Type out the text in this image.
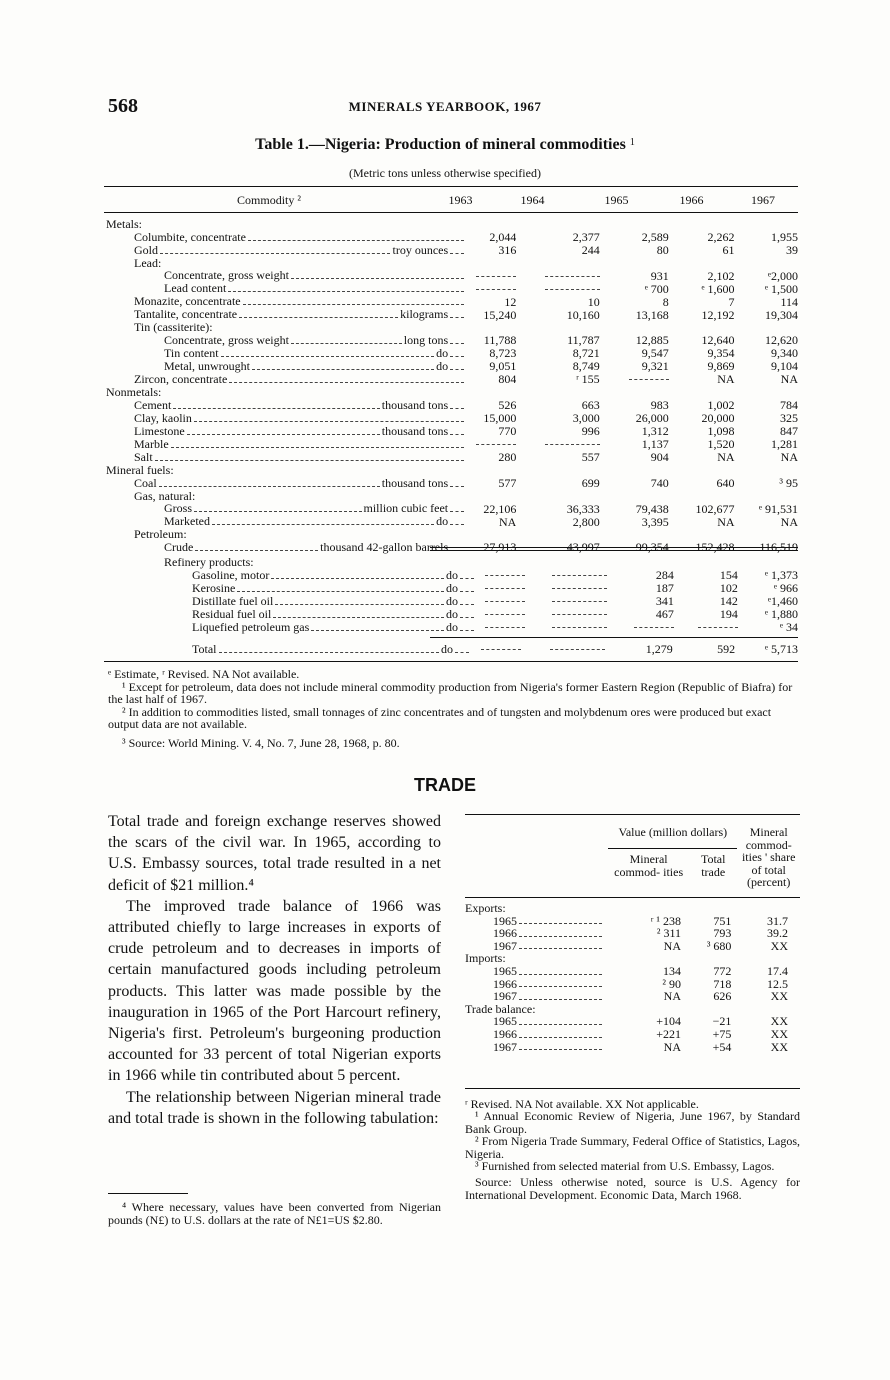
568	MINERALS YEARBOOK, 1967
Table 1.—Nigeria: Production of mineral commodities $^1$
(Metric tons unless otherwise specified)
Commodity ²	1963	1964	1965	1966	1967
Metals:					

Columbite, concentrate	2,044	2,377	2,589	2,262	1,955

Gold troy ounces	316	244	80	61	39

Lead:					

Concentrate, gross weight			931	2,102	ᵉ2,000

Lead content			ᵉ 700	ᵉ 1,600	ᵉ 1,500

Monazite, concentrate	12	10	8	7	114

Tantalite, concentrate kilograms	15,240	10,160	13,168	12,192	19,304

Tin (cassiterite):					

Concentrate, gross weight long tons	11,788	11,787	12,885	12,640	12,620

Tin content do	8,723	8,721	9,547	9,354	9,340

Metal, unwrought do	9,051	8,749	9,321	9,869	9,104

Zircon, concentrate	804	ʳ 155		NA	NA

Nonmetals:					

Cement thousand tons	526	663	983	1,002	784

Clay, kaolin	15,000	3,000	26,000	20,000	325

Limestone thousand tons	770	996	1,312	1,098	847

Marble			1,137	1,520	1,281

Salt	280	557	904	NA	NA

Mineral fuels:					

Coal thousand tons	577	699	740	640	³ 95

Gas, natural:					

Gross million cubic feet	22,106	36,333	79,438	102,677	ᵉ 91,531

Marketed do	NA	2,800	3,395	NA	NA

Petroleum:					

Crude thousand 42-gallon barrels	27,913	43,997	99,354	152,428	116,519
Refinery products:					

Gasoline, motor do			284	154	ᵉ 1,373

Kerosine do			187	102	ᵉ 966

Distillate fuel oil do			341	142	ᵉ1,460

Residual fuel oil do			467	194	ᵉ 1,880

Liquefied petroleum gas do					ᵉ 34
Total	do			1,279	592	ᵉ 5,713

ᵉ Estimate, ʳ Revised. NA Not available.

¹ Except for petroleum, data does not include mineral commodity production from Nigeria's former Eastern Region (Republic of Biafra) for the last half of 1967.

² In addition to commodities listed, small tonnages of zinc concentrates and of tungsten and molybdenum ores were produced but exact output data are not available.

³ Source: World Mining. V. 4, No. 7, June 28, 1968, p. 80.

TRADE

Total trade and foreign exchange reserves showed the scars of the civil war. In 1965, according to U.S. Embassy sources, total trade resulted in a net deficit of $21 million.⁴

The improved trade balance of 1966 was attributed chiefly to large increases in exports of crude petroleum and to decreases in imports of certain manufactured goods including petroleum products. This latter was made possible by the inauguration in 1965 of the Port Harcourt refinery, Nigeria's first. Petroleum's burgeoning production accounted for 33 percent of total Nigerian exports in 1966 while tin contributed about 5 percent.

The relationship between Nigerian mineral trade and total trade is shown in the following tabulation:

⁴ Where necessary, values have been converted from Nigerian pounds (N£) to U.S. dollars at the rate of N£1=US $2.80.

	Value (million dollars)		Mineral commod- ities ' share of total (percent)
	Mineral commod- ities	Total trade	

Exports:			

1965	ʳ ¹ 238	751	31.7

1966	² 311	793	39.2

1967	NA	³ 680	XX
Imports:			

1965	134	772	17.4

1966	² 90	718	12.5

1967	NA	626	XX
Trade balance:			

1965	+104	−21	XX

1966	+221	+75	XX

1967	NA	+54	XX

ʳ Revised. NA Not available. XX Not applicable.

¹ Annual Economic Review of Nigeria, June 1967, by Standard Bank Group.

² From Nigeria Trade Summary, Federal Office of Statistics, Lagos, Nigeria.

³ Furnished from selected material from U.S. Embassy, Lagos.

Source: Unless otherwise noted, source is U.S. Agency for International Development. Economic Data, March 1968.
